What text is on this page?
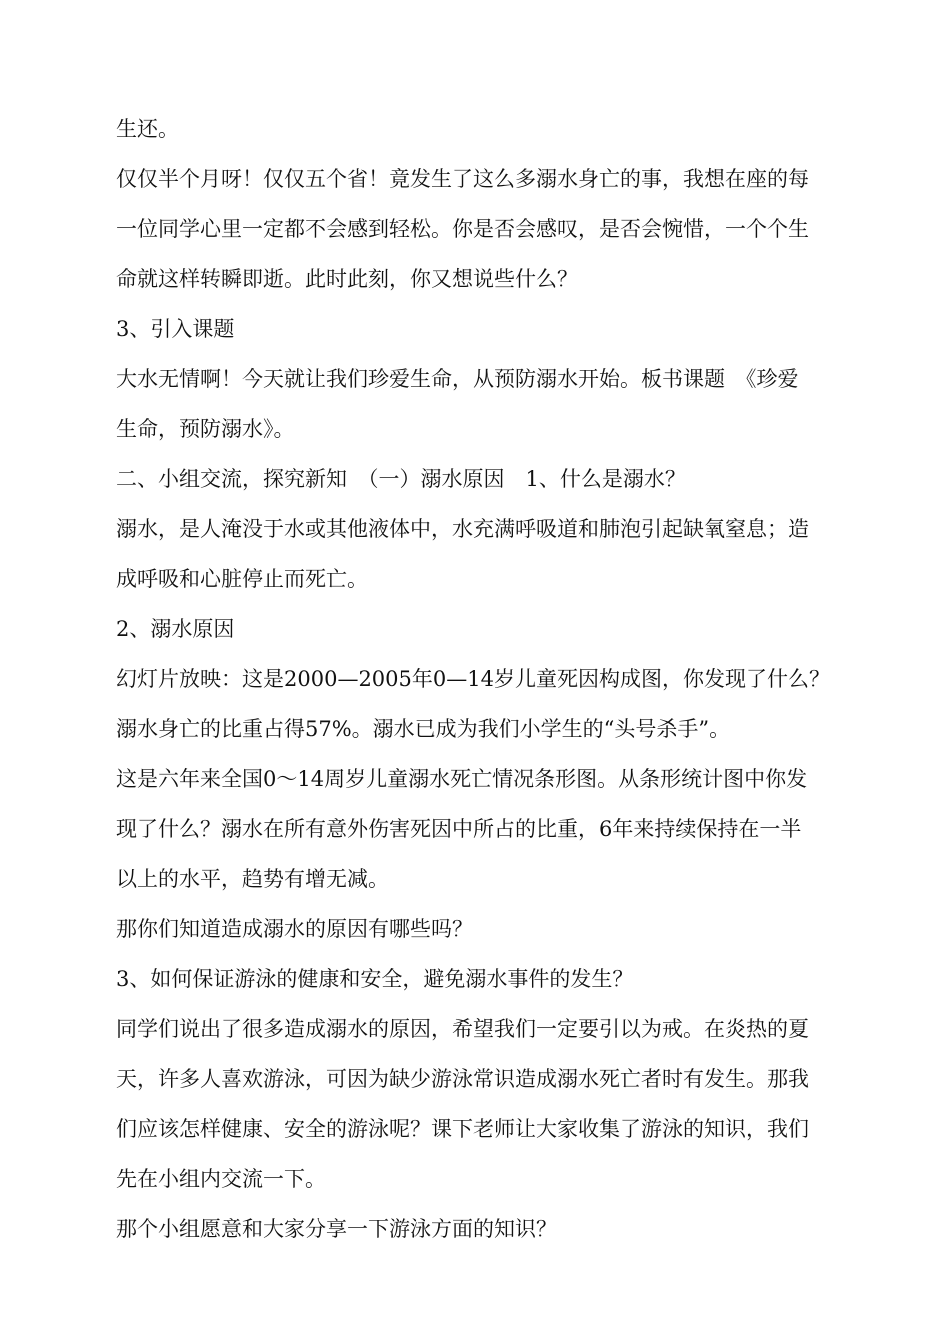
生还。
仅仅半个月呀！仅仅五个省！竟发生了这么多溺水身亡的事，我想在座的每
一位同学心里一定都不会感到轻松。你是否会感叹，是否会惋惜，一个个生
命就这样转瞬即逝。此时此刻，你又想说些什么？
3、引入课题
大水无情啊！今天就让我们珍爱生命，从预防溺水开始。板书课题　《珍爱
生命，预防溺水》。
二、小组交流，探究新知　（一）溺水原因　1、什么是溺水？
溺水，是人淹没于水或其他液体中，水充满呼吸道和肺泡引起缺氧窒息；造
成呼吸和心脏停止而死亡。
2、溺水原因
幻灯片放映：这是2000—2005年0—14岁儿童死因构成图，你发现了什么？
溺水身亡的比重占得57%。溺水已成为我们小学生的“头号杀手”。
这是六年来全国0～14周岁儿童溺水死亡情况条形图。从条形统计图中你发
现了什么？溺水在所有意外伤害死因中所占的比重，6年来持续保持在一半
以上的水平，趋势有增无减。
那你们知道造成溺水的原因有哪些吗？
3、如何保证游泳的健康和安全，避免溺水事件的发生？
同学们说出了很多造成溺水的原因，希望我们一定要引以为戒。在炎热的夏
天，许多人喜欢游泳，可因为缺少游泳常识造成溺水死亡者时有发生。那我
们应该怎样健康、安全的游泳呢？课下老师让大家收集了游泳的知识，我们
先在小组内交流一下。
那个小组愿意和大家分享一下游泳方面的知识？
